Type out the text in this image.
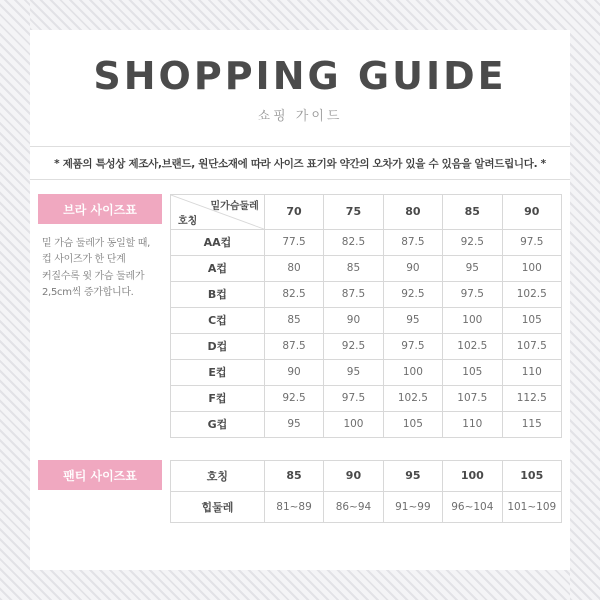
SHOPPING GUIDE
쇼핑 가이드
* 제품의 특성상 제조사,브랜드, 원단소재에 따라 사이즈 표기와 약간의 오차가 있을 수 있음을 알려드립니다. *
브라 사이즈표
밑 가슴 둘레가 동일할 때,
컵 사이즈가 한 단계
커질수록 윗 가슴 둘레가
2,5cm씩 증가합니다.
밑가슴둘레
호칭	70	75	80	85	90
AA컵	77.5	82.5	87.5	92.5	97.5
A컵	80	85	90	95	100
B컵	82.5	87.5	92.5	97.5	102.5
C컵	85	90	95	100	105
D컵	87.5	92.5	97.5	102.5	107.5
E컵	90	95	100	105	110
F컵	92.5	97.5	102.5	107.5	112.5
G컵	95	100	105	110	115
팬티 사이즈표	호칭	85	90	95	100	105
힙둘레	81~89	86~94	91~99	96~104	101~109
